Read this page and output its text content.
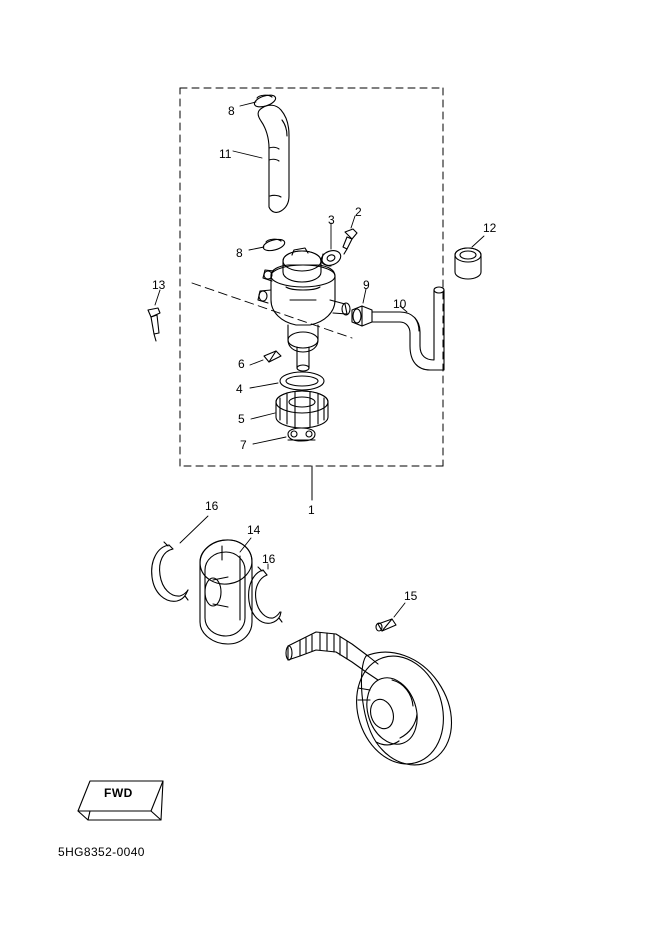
8
11
3
2
12
8
13	9
10
6
4
5
7
1
16
14
16
15
FWD
5HG8352-0040
